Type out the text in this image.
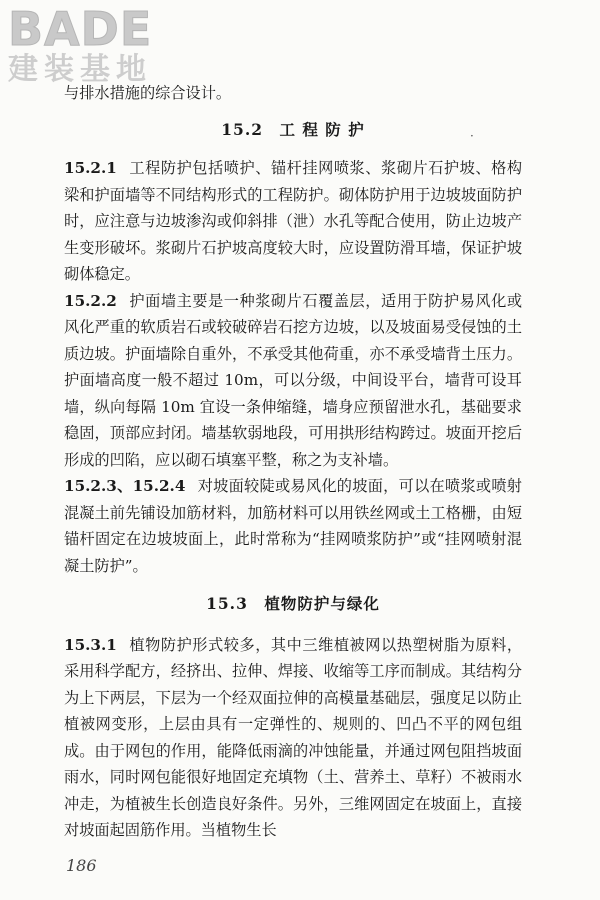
BADE
建装基地
·

与排水措施的综合设计。

15.2　工 程 防 护

15.2.1 工程防护包括喷护、锚杆挂网喷浆、浆砌片石护坡、格构梁和护面墙等不同结构形式的工程防护。砌体防护用于边坡坡面防护时，应注意与边坡渗沟或仰斜排（泄）水孔等配合使用，防止边坡产生变形破坏。浆砌片石护坡高度较大时，应设置防滑耳墙，保证护坡砌体稳定。

15.2.2 护面墙主要是一种浆砌片石覆盖层，适用于防护易风化或风化严重的软质岩石或较破碎岩石挖方边坡，以及坡面易受侵蚀的土质边坡。护面墙除自重外，不承受其他荷重，亦不承受墙背土压力。护面墙高度一般不超过 10m，可以分级，中间设平台，墙背可设耳墙，纵向每隔 10m 宜设一条伸缩缝，墙身应预留泄水孔，基础要求稳固，顶部应封闭。墙基软弱地段，可用拱形结构跨过。坡面开挖后形成的凹陷，应以砌石填塞平整，称之为支补墙。

15.2.3、15.2.4 对坡面较陡或易风化的坡面，可以在喷浆或喷射混凝土前先铺设加筋材料，加筋材料可以用铁丝网或土工格栅，由短锚杆固定在边坡坡面上，此时常称为“挂网喷浆防护”或“挂网喷射混凝土防护”。

15.3　植物防护与绿化

15.3.1 植物防护形式较多，其中三维植被网以热塑树脂为原料，采用科学配方，经挤出、拉伸、焊接、收缩等工序而制成。其结构分为上下两层，下层为一个经双面拉伸的高模量基础层，强度足以防止植被网变形，上层由具有一定弹性的、规则的、凹凸不平的网包组成。由于网包的作用，能降低雨滴的冲蚀能量，并通过网包阻挡坡面雨水，同时网包能很好地固定充填物（土、营养土、草籽）不被雨水冲走，为植被生长创造良好条件。另外，三维网固定在坡面上，直接对坡面起固筋作用。当植物生长

186
